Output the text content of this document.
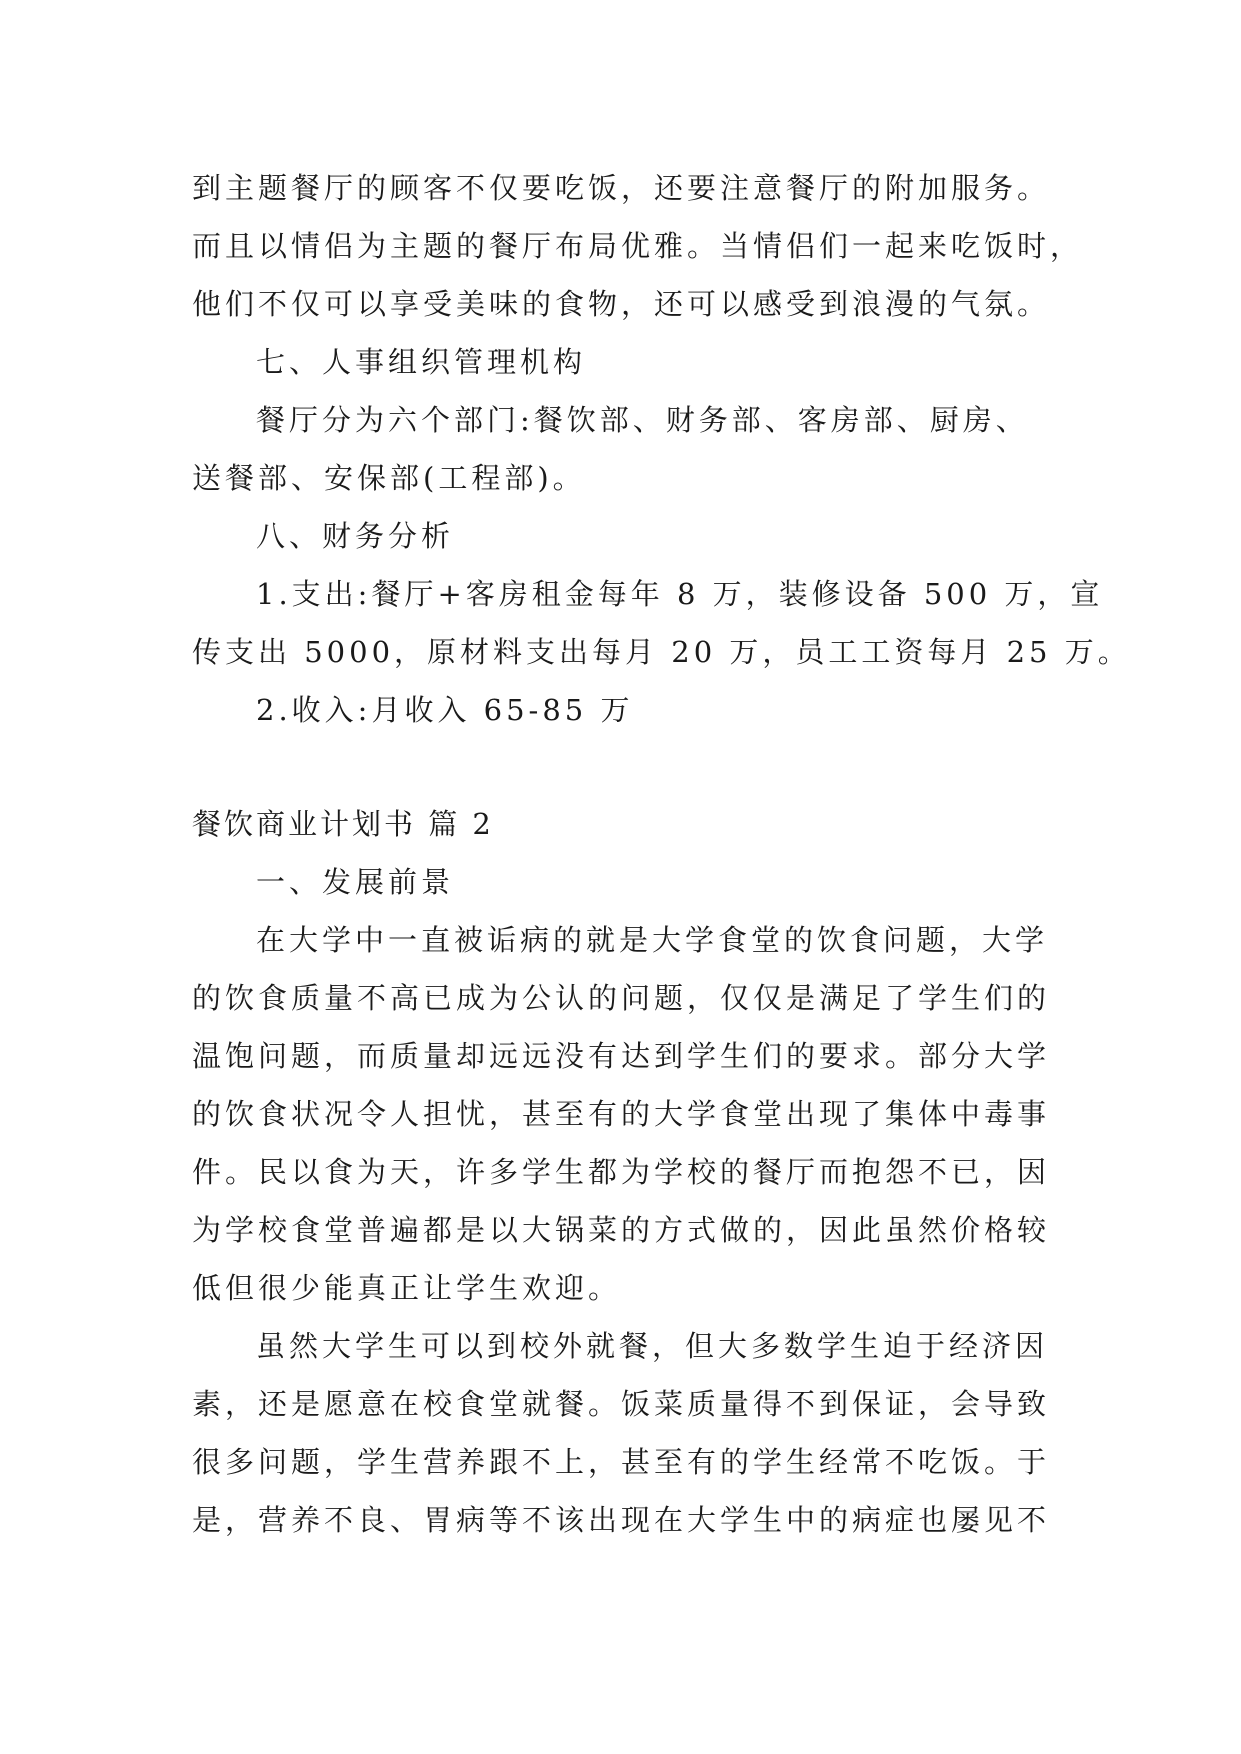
到主题餐厅的顾客不仅要吃饭，还要注意餐厅的附加服务。
而且以情侣为主题的餐厅布局优雅。当情侣们一起来吃饭时，
他们不仅可以享受美味的食物，还可以感受到浪漫的气氛。
七、人事组织管理机构
餐厅分为六个部门:餐饮部、财务部、客房部、厨房、
送餐部、安保部(工程部)。
八、财务分析
1.支出:餐厅+客房租金每年 8 万，装修设备 500 万，宣
传支出 5000，原材料支出每月 20 万，员工工资每月 25 万。
2.收入:月收入 65-85 万
餐饮商业计划书 篇 2
一、发展前景
在大学中一直被诟病的就是大学食堂的饮食问题，大学
的饮食质量不高已成为公认的问题，仅仅是满足了学生们的
温饱问题，而质量却远远没有达到学生们的要求。部分大学
的饮食状况令人担忧，甚至有的大学食堂出现了集体中毒事
件。民以食为天，许多学生都为学校的餐厅而抱怨不已，因
为学校食堂普遍都是以大锅菜的方式做的，因此虽然价格较
低但很少能真正让学生欢迎。
虽然大学生可以到校外就餐，但大多数学生迫于经济因
素，还是愿意在校食堂就餐。饭菜质量得不到保证，会导致
很多问题，学生营养跟不上，甚至有的学生经常不吃饭。于
是，营养不良、胃病等不该出现在大学生中的病症也屡见不
